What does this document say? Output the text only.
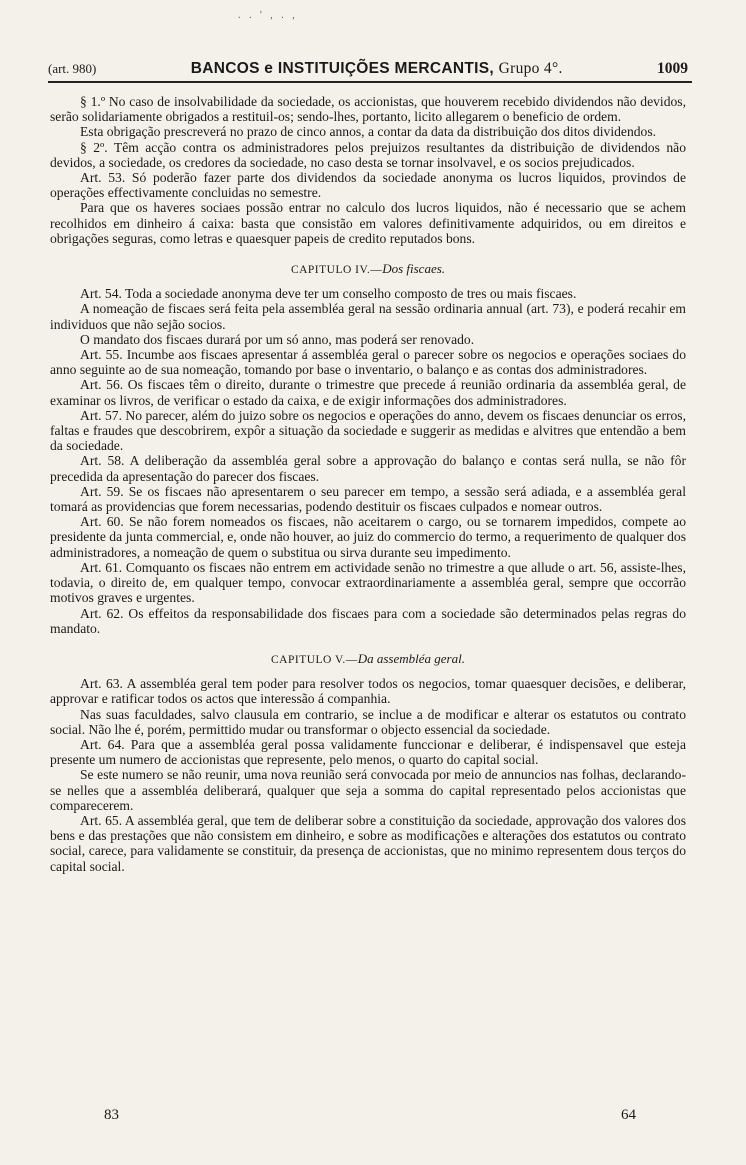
. . ' , . ,
(art. 980)	BANCOS e INSTITUIÇÕES MERCANTIS, Grupo 4°.	1009

§ 1.º No caso de insolvabilidade da sociedade, os accionistas, que houverem recebido dividendos não devidos, serão solidariamente obrigados a restituil-os; sendo-lhes, portanto, licito allegarem o beneficio de ordem.

Esta obrigação prescreverá no prazo de cinco annos, a contar da data da distribuição dos ditos dividendos.

§ 2º. Têm acção contra os administradores pelos prejuizos resultantes da distribuição de dividendos não devidos, a sociedade, os credores da sociedade, no caso desta se tornar insolvavel, e os socios prejudicados.

Art. 53. Só poderão fazer parte dos dividendos da sociedade anonyma os lucros liquidos, provindos de operações effectivamente concluidas no semestre.

Para que os haveres sociaes possão entrar no calculo dos lucros liquidos, não é necessario que se achem recolhidos em dinheiro á caixa: basta que consistão em valores definitivamente adquiridos, ou em direitos e obrigações seguras, como letras e quaesquer papeis de credito reputados bons.

CAPITULO IV.—Dos fiscaes.

Art. 54. Toda a sociedade anonyma deve ter um conselho composto de tres ou mais fiscaes.

A nomeação de fiscaes será feita pela assembléa geral na sessão ordinaria annual (art. 73), e poderá recahir em individuos que não sejão socios.

O mandato dos fiscaes durará por um só anno, mas poderá ser renovado.

Art. 55. Incumbe aos fiscaes apresentar á assembléa geral o parecer sobre os negocios e operações sociaes do anno seguinte ao de sua nomeação, tomando por base o inventario, o balanço e as contas dos administradores.

Art. 56. Os fiscaes têm o direito, durante o trimestre que precede á reunião ordinaria da assembléa geral, de examinar os livros, de verificar o estado da caixa, e de exigir informações dos administradores.

Art. 57. No parecer, além do juizo sobre os negocios e operações do anno, devem os fiscaes denunciar os erros, faltas e fraudes que descobrirem, expôr a situação da sociedade e suggerir as medidas e alvitres que entendão a bem da sociedade.

Art. 58. A deliberação da assembléa geral sobre a approvação do balanço e contas será nulla, se não fôr precedida da apresentação do parecer dos fiscaes.

Art. 59. Se os fiscaes não apresentarem o seu parecer em tempo, a sessão será adiada, e a assembléa geral tomará as providencias que forem necessarias, podendo destituir os fiscaes culpados e nomear outros.

Art. 60. Se não forem nomeados os fiscaes, não aceitarem o cargo, ou se tornarem impedidos, compete ao presidente da junta commercial, e, onde não houver, ao juiz do commercio do termo, a requerimento de qualquer dos administradores, a nomeação de quem o substitua ou sirva durante seu impedimento.

Art. 61. Comquanto os fiscaes não entrem em actividade senão no trimestre a que allude o art. 56, assiste-lhes, todavia, o direito de, em qualquer tempo, convocar extraordinariamente a assembléa geral, sempre que occorrão motivos graves e urgentes.

Art. 62. Os effeitos da responsabilidade dos fiscaes para com a sociedade são determinados pelas regras do mandato.

CAPITULO V.—Da assembléa geral.

Art. 63. A assembléa geral tem poder para resolver todos os negocios, tomar quaesquer decisões, e deliberar, approvar e ratificar todos os actos que interessão á companhia.

Nas suas faculdades, salvo clausula em contrario, se inclue a de modificar e alterar os estatutos ou contrato social. Não lhe é, porém, permittido mudar ou transformar o objecto essencial da sociedade.

Art. 64. Para que a assembléa geral possa validamente funccionar e deliberar, é indispensavel que esteja presente um numero de accionistas que represente, pelo menos, o quarto do capital social.

Se este numero se não reunir, uma nova reunião será convocada por meio de annuncios nas folhas, declarando-se nelles que a assembléa deliberará, qualquer que seja a somma do capital representado pelos accionistas que comparecerem.

Art. 65. A assembléa geral, que tem de deliberar sobre a constituição da sociedade, approvação dos valores dos bens e das prestações que não consistem em dinheiro, e sobre as modificações e alterações dos estatutos ou contrato social, carece, para validamente se constituir, da presença de accionistas, que no minimo representem dous terços do capital social.

83	64
